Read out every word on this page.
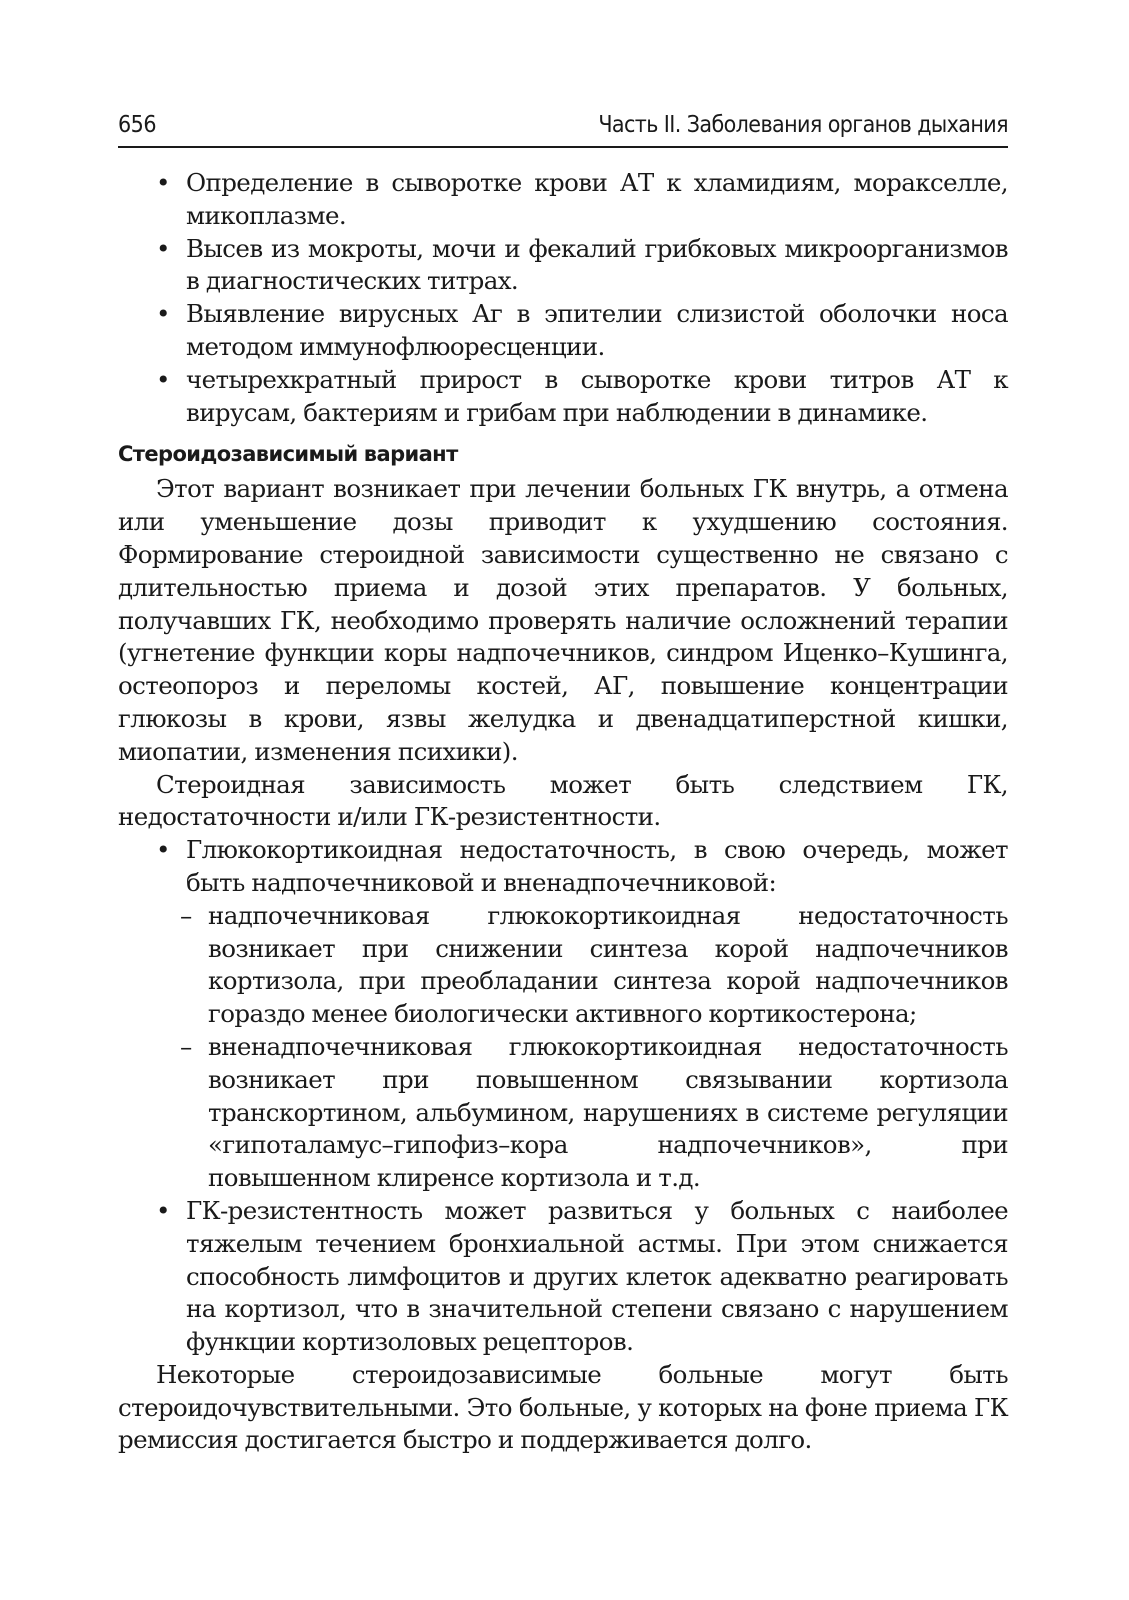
656	Часть II. Заболевания органов дыхания
• Определение в сыворотке крови АТ к хламидиям, моракселле, микоплазме.
• Высев из мокроты, мочи и фекалий грибковых микроорганизмов в диагностических титрах.
• Выявление вирусных Аг в эпителии слизистой оболочки носа методом иммунофлюоресценции.
• четырехкратный прирост в сыворотке крови титров АТ к вирусам, бактериям и грибам при наблюдении в динамике.
Стероидозависимый вариант

Этот вариант возникает при лечении больных ГК внутрь, а отмена или уменьшение дозы приводит к ухудшению состояния. Формирование стероидной зависимости существенно не связано с длительностью приема и дозой этих препаратов. У больных, получавших ГК, необходимо проверять наличие осложнений терапии (угнетение функции коры надпочечников, синдром Иценко–Кушинга, остеопороз и переломы костей, АГ, повышение концентрации глюкозы в крови, язвы желудка и двенадцатиперстной кишки, миопатии, изменения психики).

Стероидная зависимость может быть следствием ГК, недостаточности и/или ГК-резистентности.

• Глюкокортикоидная недостаточность, в свою очередь, может быть надпочечниковой и вненадпочечниковой:
– надпочечниковая глюкокортикоидная недостаточность возникает при снижении синтеза корой надпочечников кортизола, при преобладании синтеза корой надпочечников гораздо менее биологически активного кортикостерона;
– вненадпочечниковая глюкокортикоидная недостаточность возникает при повышенном связывании кортизола транскортином, альбумином, нарушениях в системе регуляции «гипоталамус–гипофиз–кора надпочечников», при повышенном клиренсе кортизола и т.д.
• ГК-резистентность может развиться у больных с наиболее тяжелым течением бронхиальной астмы. При этом снижается способность лимфоцитов и других клеток адекватно реагировать на кортизол, что в значительной степени связано с нарушением функции кортизоловых рецепторов.

Некоторые стероидозависимые больные могут быть стероидочувствительными. Это больные, у которых на фоне приема ГК ремиссия достигается быстро и поддерживается долго.
